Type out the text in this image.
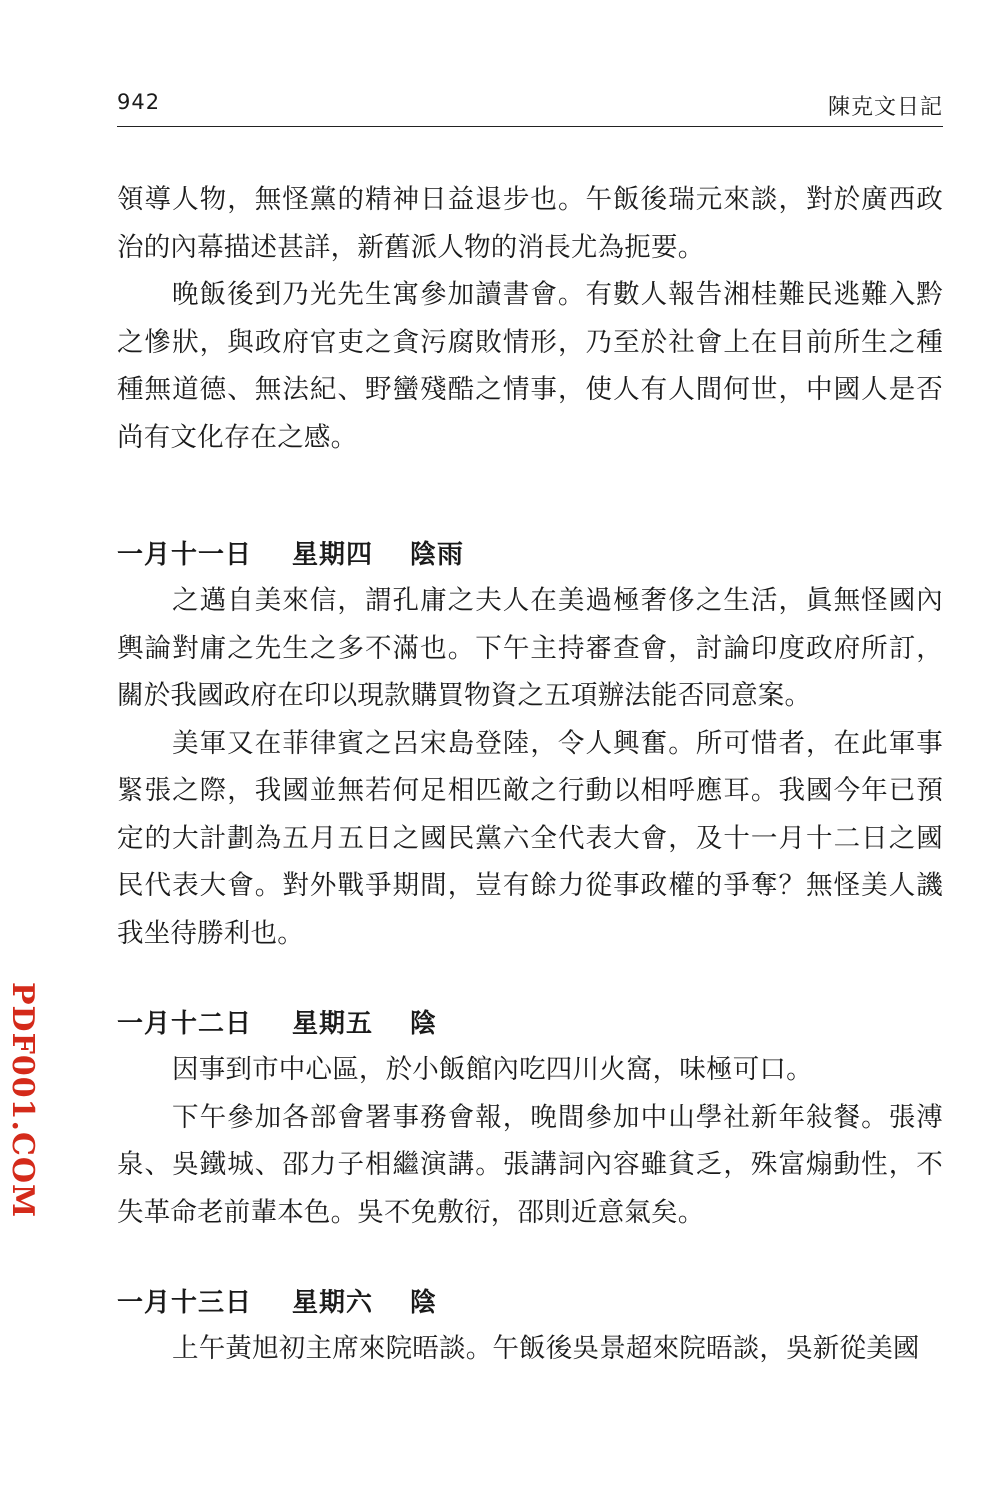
942	陳克文日記

領導人物，無怪黨的精神日益退步也。午飯後瑞元來談，對於廣西政治的內幕描述甚詳，新舊派人物的消長尤為扼要。

晚飯後到乃光先生寓參加讀書會。有數人報告湘桂難民逃難入黔之慘狀，與政府官吏之貪污腐敗情形，乃至於社會上在目前所生之種種無道德、無法紀、野蠻殘酷之情事，使人有人間何世，中國人是否尚有文化存在之感。

一月十一日 星期四 陰雨

之邁自美來信，謂孔庸之夫人在美過極奢侈之生活，眞無怪國內輿論對庸之先生之多不滿也。下午主持審查會，討論印度政府所訂，關於我國政府在印以現款購買物資之五項辦法能否同意案。

美軍又在菲律賓之呂宋島登陸，令人興奮。所可惜者，在此軍事緊張之際，我國並無若何足相匹敵之行動以相呼應耳。我國今年已預定的大計劃為五月五日之國民黨六全代表大會，及十一月十二日之國民代表大會。對外戰爭期間，豈有餘力從事政權的爭奪？無怪美人譏我坐待勝利也。

一月十二日 星期五 陰

因事到市中心區，於小飯館內吃四川火窩，味極可口。

下午參加各部會署事務會報，晚間參加中山學社新年敍餐。張溥泉、吳鐵城、邵力子相繼演講。張講詞內容雖貧乏，殊富煽動性，不失革命老前輩本色。吳不免敷衍，邵則近意氣矣。

一月十三日 星期六 陰

上午黃旭初主席來院晤談。午飯後吳景超來院晤談，吳新從美國

PDF001.COM
